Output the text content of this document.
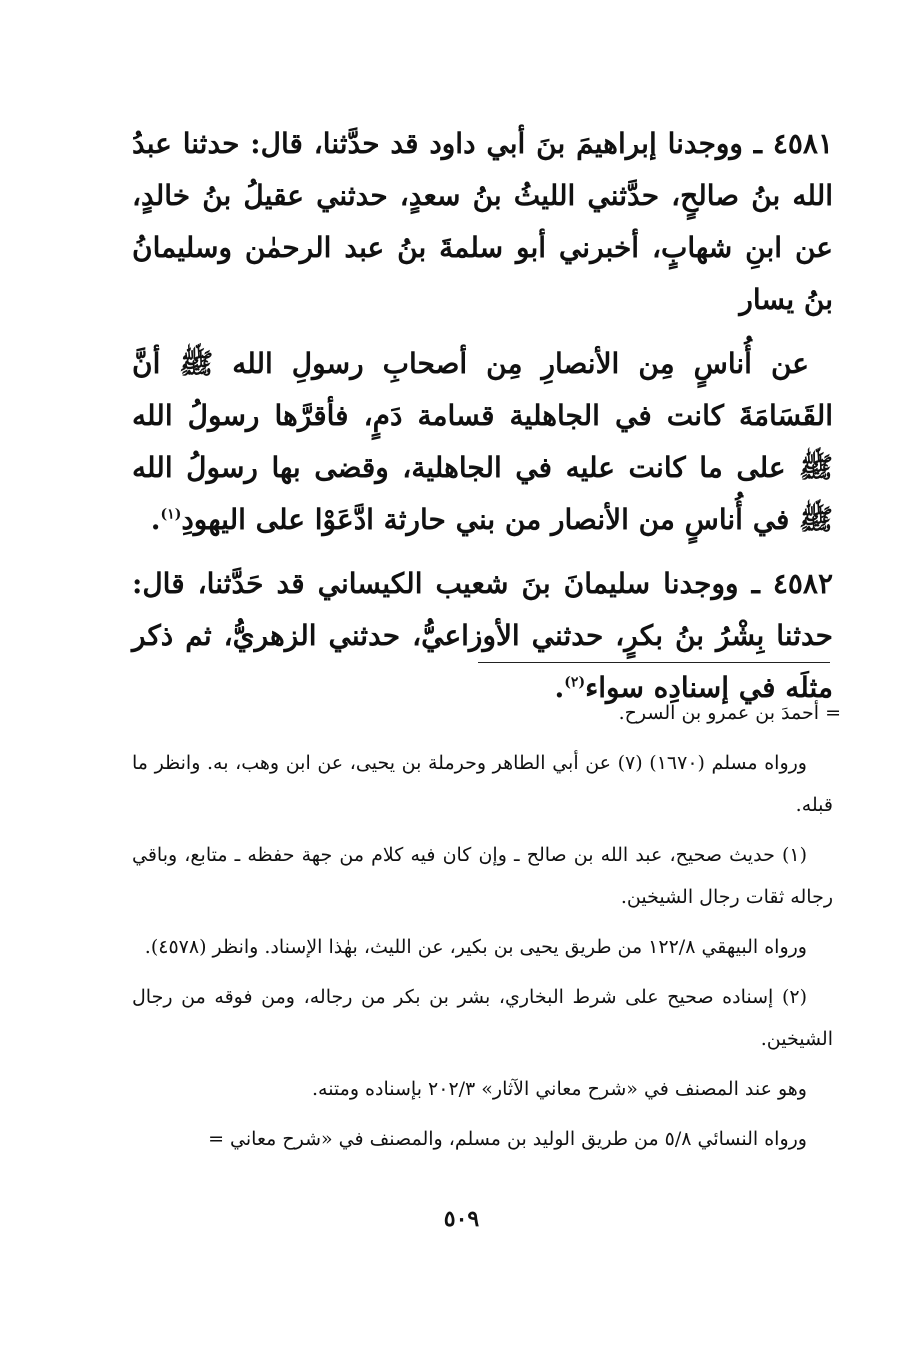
٤٥٨١ ـ ووجدنا إبراهيمَ بنَ أبي داود قد حدَّثنا، قال: حدثنا عبدُ الله بنُ صالحٍ، حدَّثني الليثُ بنُ سعدٍ، حدثني عقيلُ بنُ خالدٍ، عن ابنِ شهابٍ، أخبرني أبو سلمةَ بنُ عبد الرحمٰن وسليمانُ بنُ يسار

عن أُناسٍ مِن الأنصارِ مِن أصحابِ رسولِ الله ﷺ أنَّ القَسَامَةَ كانت في الجاهلية قسامة دَمٍ، فأقرَّها رسولُ الله ﷺ على ما كانت عليه في الجاهلية، وقضى بها رسولُ الله ﷺ في أُناسٍ من الأنصار من بني حارثة ادَّعَوْا على اليهودِ$^{(١)}$.

٤٥٨٢ ـ ووجدنا سليمانَ بنَ شعيب الكيساني قد حَدَّثنا، قال: حدثنا بِشْرُ بنُ بكرٍ، حدثني الأوزاعيُّ، حدثني الزهريُّ، ثم ذكر مثلَه في إسنادِه سواء$^{(٢)}$.

= أحمدَ بن عمرو بن السرح.

ورواه مسلم (١٦٧٠) (٧) عن أبي الطاهر وحرملة بن يحيى، عن ابن وهب، به. وانظر ما قبله.

(١) حديث صحيح، عبد الله بن صالح ـ وإن كان فيه كلام من جهة حفظه ـ متابع، وباقي رجاله ثقات رجال الشيخين.

ورواه البيهقي ١٢٢/٨ من طريق يحيى بن بكير، عن الليث، بهٰذا الإسناد. وانظر (٤٥٧٨).

(٢) إسناده صحيح على شرط البخاري، بشر بن بكر من رجاله، ومن فوقه من رجال الشيخين.

وهو عند المصنف في «شرح معاني الآثار» ٢٠٢/٣ بإسناده ومتنه.

ورواه النسائي ٥/٨ من طريق الوليد بن مسلم، والمصنف في «شرح معاني =

٥٠٩
